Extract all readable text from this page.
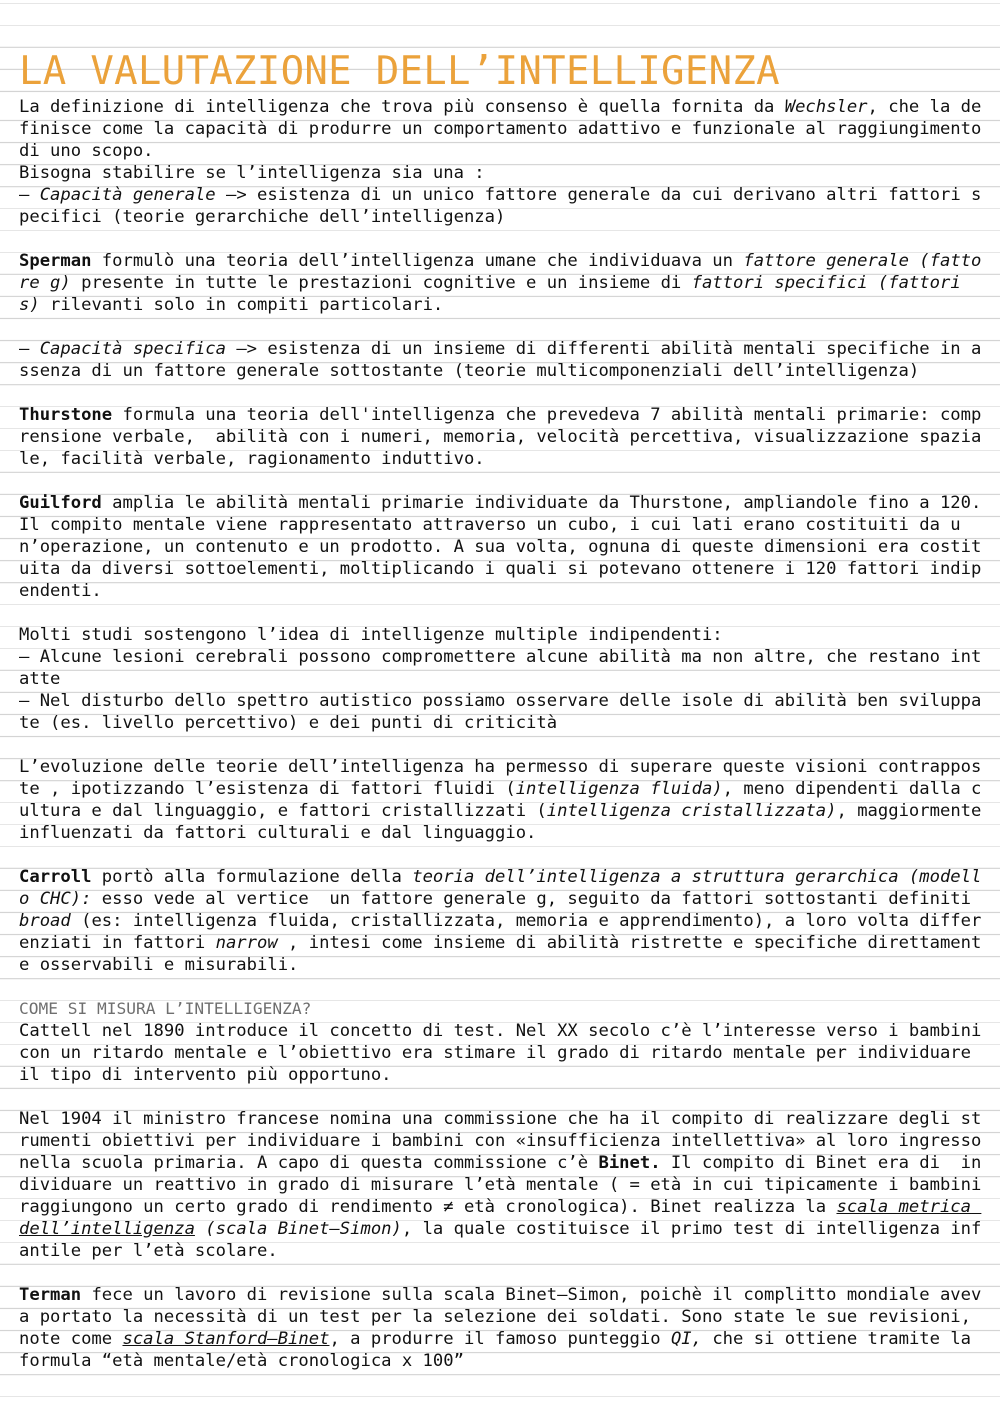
LA VALUTAZIONE DELL’INTELLIGENZA

La definizione di intelligenza che trova più consenso è quella fornita da Wechsler, che la definisce come la capacità di produrre un comportamento adattivo e funzionale al raggiungimento di uno scopo.

Bisogna stabilire se l’intelligenza sia una :

– Capacità generale –> esistenza di un unico fattore generale da cui derivano altri fattori specifici (teorie gerarchiche dell’intelligenza)

Sperman formulò una teoria dell’intelligenza umane che individuava un fattore generale (fattore g) presente in tutte le prestazioni cognitive e un insieme di fattori specifici (fattori s) rilevanti solo in compiti particolari.

– Capacità specifica –> esistenza di un insieme di differenti abilità mentali specifiche in assenza di un fattore generale sottostante (teorie multicomponenziali dell’intelligenza)

Thurstone formula una teoria dell'intelligenza che prevedeva 7 abilità mentali primarie: comprensione verbale,  abilità con i numeri, memoria, velocità percettiva, visualizzazione spaziale, facilità verbale, ragionamento induttivo.

Guilford amplia le abilità mentali primarie individuate da Thurstone, ampliandole fino a 120. Il compito mentale viene rappresentato attraverso un cubo, i cui lati erano costituiti da un’operazione, un contenuto e un prodotto. A sua volta, ognuna di queste dimensioni era costituita da diversi sottoelementi, moltiplicando i quali si potevano ottenere i 120 fattori indipendenti.

Molti studi sostengono l’idea di intelligenze multiple indipendenti:

– Alcune lesioni cerebrali possono compromettere alcune abilità ma non altre, che restano intatte

– Nel disturbo dello spettro autistico possiamo osservare delle isole di abilità ben sviluppate (es. livello percettivo) e dei punti di criticità

L’evoluzione delle teorie dell’intelligenza ha permesso di superare queste visioni contrapposte , ipotizzando l’esistenza di fattori fluidi (intelligenza fluida), meno dipendenti dalla cultura e dal linguaggio, e fattori cristallizzati (intelligenza cristallizzata), maggiormente influenzati da fattori culturali e dal linguaggio.

Carroll portò alla formulazione della teoria dell’intelligenza a struttura gerarchica (modello CHC): esso vede al vertice  un fattore generale g, seguito da fattori sottostanti definiti broad (es: intelligenza fluida, cristallizzata, memoria e apprendimento), a loro volta differenziati in fattori narrow , intesi come insieme di abilità ristrette e specifiche direttamente osservabili e misurabili.

COME SI MISURA L’INTELLIGENZA?

Cattell nel 1890 introduce il concetto di test. Nel XX secolo c’è l’interesse verso i bambini con un ritardo mentale e l’obiettivo era stimare il grado di ritardo mentale per individuare il tipo di intervento più opportuno.

Nel 1904 il ministro francese nomina una commissione che ha il compito di realizzare degli strumenti obiettivi per individuare i bambini con «insufficienza intellettiva» al loro ingresso nella scuola primaria. A capo di questa commissione c’è Binet. Il compito di Binet era di  individuare un reattivo in grado di misurare l’età mentale ( = età in cui tipicamente i bambini raggiungono un certo grado di rendimento ≠ età cronologica). Binet realizza la scala metrica dell’intelligenza (scala Binet–Simon), la quale costituisce il primo test di intelligenza infantile per l’età scolare.

Terman fece un lavoro di revisione sulla scala Binet–Simon, poichè il complitto mondiale aveva portato la necessità di un test per la selezione dei soldati. Sono state le sue revisioni, note come scala Stanford–Binet, a produrre il famoso punteggio QI, che si ottiene tramite la formula “età mentale/età cronologica x 100”
